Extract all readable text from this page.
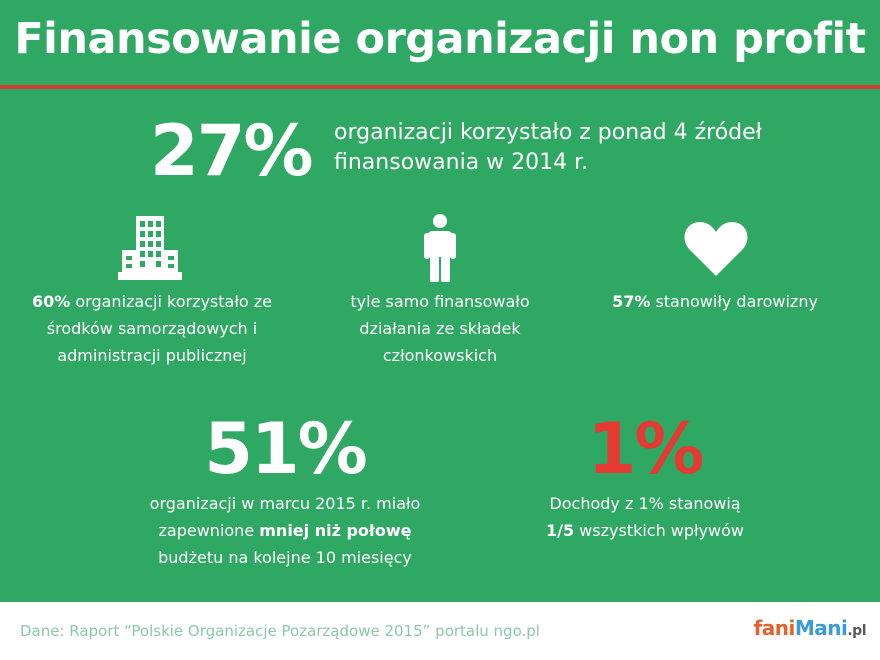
Finansowanie organizacji non profit
27% organizacji korzystało z ponad 4 źródeł finansowania w 2014 r.
60% organizacji korzystało ze środków samorządowych i administracji publicznej
tyle samo finansowało działania ze składek członkowskich
57% stanowiły darowizny
51%
organizacji w marcu 2015 r. miało zapewnione mniej niż połowę budżetu na kolejne 10 miesięcy
1%
Dochody z 1% stanowią
1/5 wszystkich wpływów
Dane: Raport “Polskie Organizacje Pozarządowe 2015” portalu ngo.pl	faniMani.pl
